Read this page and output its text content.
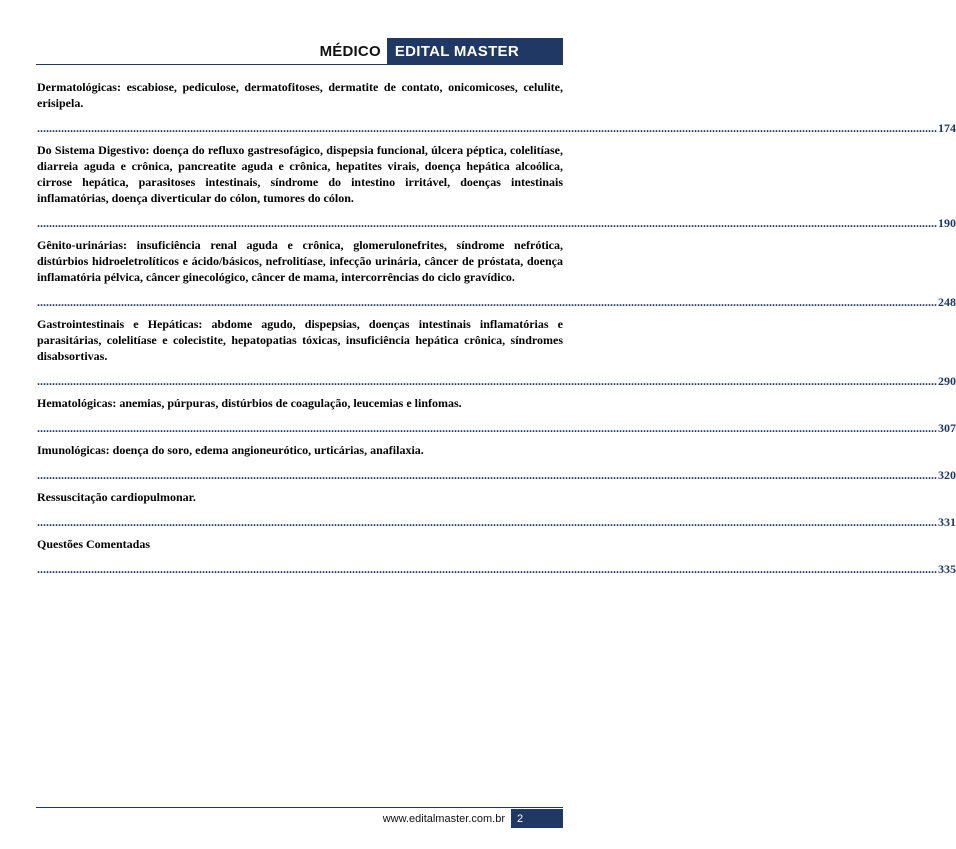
MÉDICO EDITAL MASTER
Dermatológicas: escabiose, pediculose, dermatofitoses, dermatite de contato, onicomicoses, celulite, erisipela.
............................................................................................................................................................................................................................................................................................................ 174
Do Sistema Digestivo: doença do refluxo gastresofágico, dispepsia funcional, úlcera péptica, colelitíase, diarreia aguda e crônica, pancreatite aguda e crônica, hepatites virais, doença hepática alcoólica, cirrose hepática, parasitoses intestinais, síndrome do intestino irritável, doenças intestinais inflamatórias, doença diverticular do cólon, tumores do cólon.
............................................................................................................................................................................................................................................................................................................ 190
Gênito-urinárias: insuficiência renal aguda e crônica, glomerulonefrites, síndrome nefrótica, distúrbios hidroeletrolíticos e ácido/básicos, nefrolitíase, infecção urinária, câncer de próstata, doença inflamatória pélvica, câncer ginecológico, câncer de mama, intercorrências do ciclo gravídico.
............................................................................................................................................................................................................................................................................................................ 248
Gastrointestinais e Hepáticas: abdome agudo, dispepsias, doenças intestinais inflamatórias e parasitárias, colelitíase e colecistite, hepatopatias tóxicas, insuficiência hepática crônica, síndromes disabsortivas.
............................................................................................................................................................................................................................................................................................................ 290
Hematológicas: anemias, púrpuras, distúrbios de coagulação, leucemias e linfomas.
............................................................................................................................................................................................................................................................................................................ 307
Imunológicas: doença do soro, edema angioneurótico, urticárias, anafilaxia.
............................................................................................................................................................................................................................................................................................................ 320
Ressuscitação cardiopulmonar.
............................................................................................................................................................................................................................................................................................................ 331
Questões Comentadas
............................................................................................................................................................................................................................................................................................................ 335
www.editalmaster.com.br	2
